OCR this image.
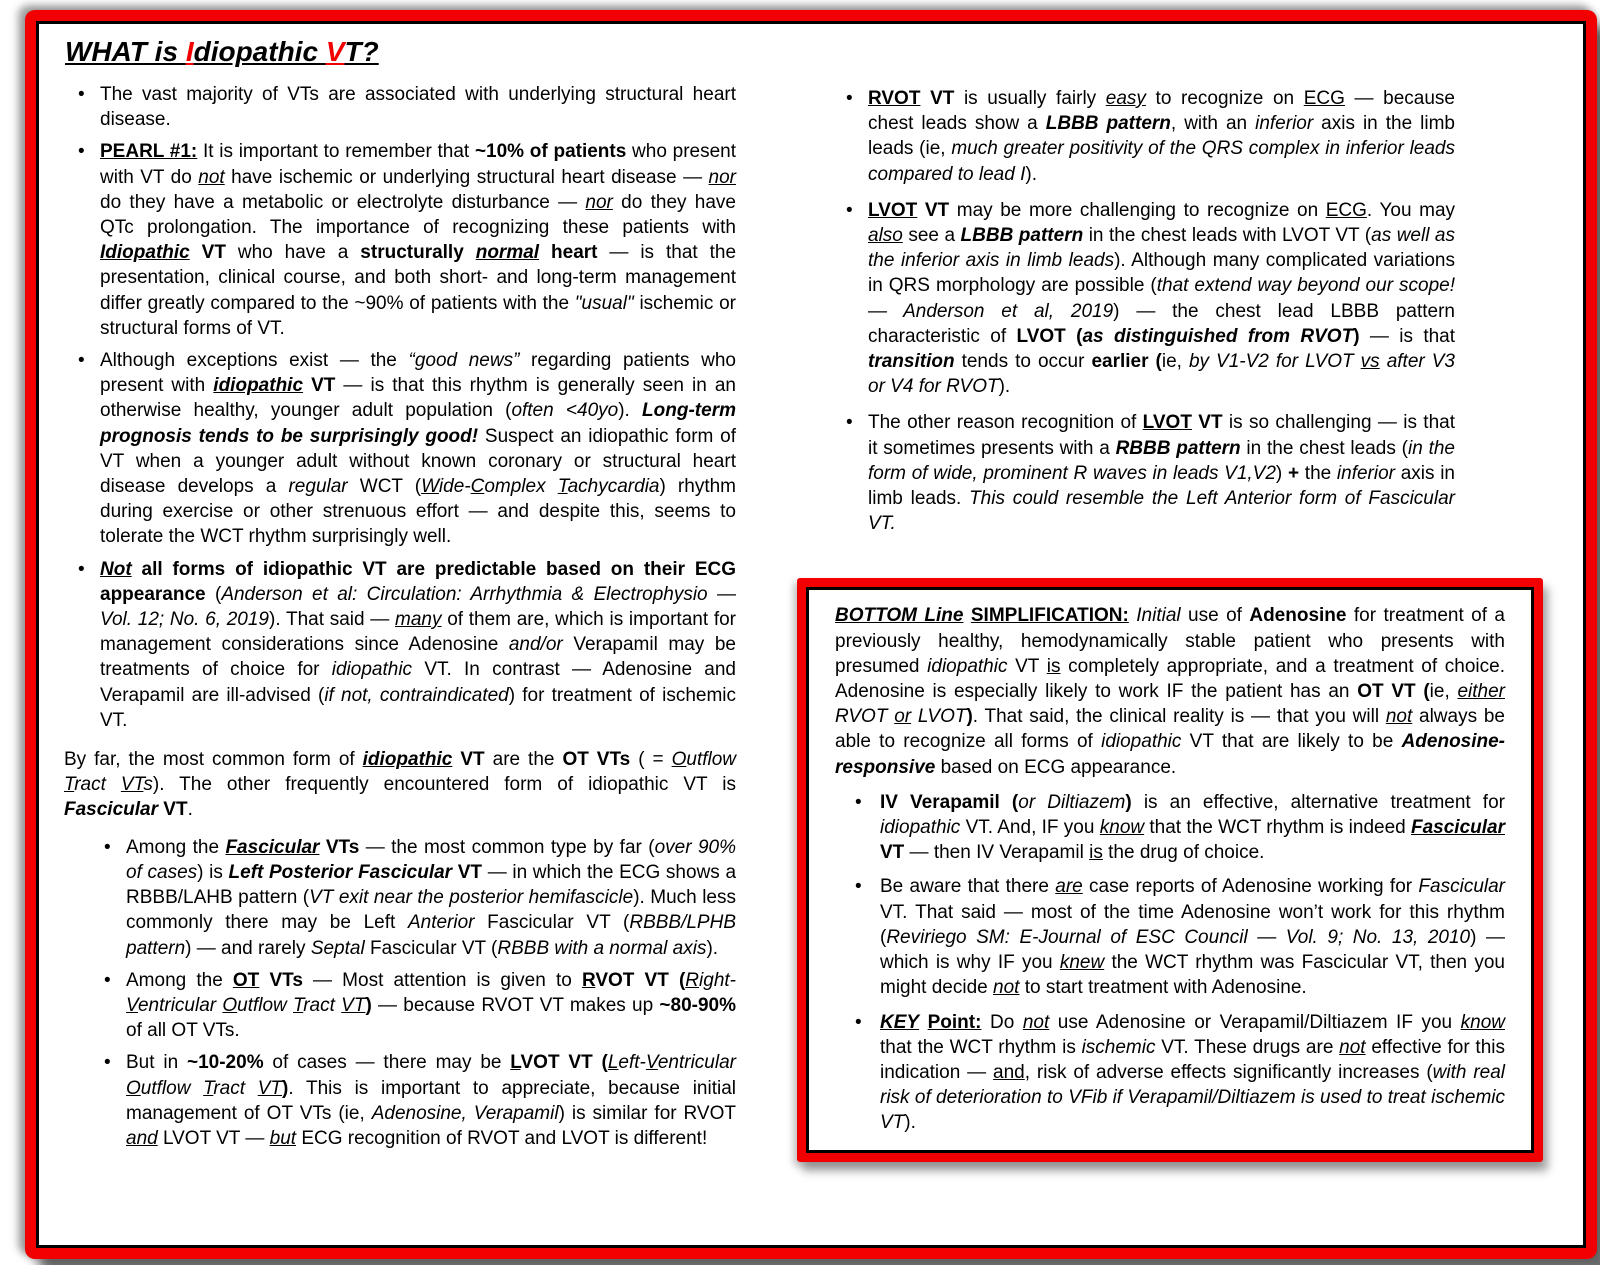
WHAT is Idiopathic VT?
• The vast majority of VTs are associated with underlying structural heart disease.
• PEARL #1: It is important to remember that ~10% of patients who present with VT do not have ischemic or underlying structural heart disease — nor do they have a metabolic or electrolyte disturbance — nor do they have QTc prolongation. The importance of recognizing these patients with Idiopathic VT who have a structurally normal heart — is that the presentation, clinical course, and both short- and long-term management differ greatly compared to the ~90% of patients with the "usual" ischemic or structural forms of VT.
• Although exceptions exist — the “good news” regarding patients who present with idiopathic VT — is that this rhythm is generally seen in an otherwise healthy, younger adult population (often <40yo). Long-term prognosis tends to be surprisingly good! Suspect an idiopathic form of VT when a younger adult without known coronary or structural heart disease develops a regular WCT (Wide-Complex Tachycardia) rhythm during exercise or other strenuous effort — and despite this, seems to tolerate the WCT rhythm surprisingly well.
• Not all forms of idiopathic VT are predictable based on their ECG appearance (Anderson et al: Circulation: Arrhythmia & Electrophysio — Vol. 12; No. 6, 2019). That said — many of them are, which is important for management considerations since Adenosine and/or Verapamil may be treatments of choice for idiopathic VT. In contrast — Adenosine and Verapamil are ill-advised (if not, contraindicated) for treatment of ischemic VT.

By far, the most common form of idiopathic VT are the OT VTs ( = Outflow Tract VTs). The other frequently encountered form of idiopathic VT is Fascicular VT.

• Among the Fascicular VTs — the most common type by far (over 90% of cases) is Left Posterior Fascicular VT — in which the ECG shows a RBBB/LAHB pattern (VT exit near the posterior hemifascicle). Much less commonly there may be Left Anterior Fascicular VT (RBBB/LPHB pattern) — and rarely Septal Fascicular VT (RBBB with a normal axis).
• Among the OT VTs — Most attention is given to RVOT VT (Right-Ventricular Outflow Tract VT) — because RVOT VT makes up ~80-90% of all OT VTs.
• But in ~10-20% of cases — there may be LVOT VT (Left-Ventricular Outflow Tract VT). This is important to appreciate, because initial management of OT VTs (ie, Adenosine, Verapamil) is similar for RVOT and LVOT VT — but ECG recognition of RVOT and LVOT is different!
• RVOT VT is usually fairly easy to recognize on ECG — because chest leads show a LBBB pattern, with an inferior axis in the limb leads (ie, much greater positivity of the QRS complex in inferior leads compared to lead I).
• LVOT VT may be more challenging to recognize on ECG. You may also see a LBBB pattern in the chest leads with LVOT VT (as well as the inferior axis in limb leads). Although many complicated variations in QRS morphology are possible (that extend way beyond our scope! — Anderson et al, 2019) — the chest lead LBBB pattern characteristic of LVOT (as distinguished from RVOT) — is that transition tends to occur earlier (ie, by V1-V2 for LVOT vs after V3 or V4 for RVOT).
• The other reason recognition of LVOT VT is so challenging — is that it sometimes presents with a RBBB pattern in the chest leads (in the form of wide, prominent R waves in leads V1,V2) + the inferior axis in limb leads. This could resemble the Left Anterior form of Fascicular VT.

BOTTOM Line SIMPLIFICATION: Initial use of Adenosine for treatment of a previously healthy, hemodynamically stable patient who presents with presumed idiopathic VT is completely appropriate, and a treatment of choice. Adenosine is especially likely to work IF the patient has an OT VT (ie, either RVOT or LVOT). That said, the clinical reality is — that you will not always be able to recognize all forms of idiopathic VT that are likely to be Adenosine-responsive based on ECG appearance.

• IV Verapamil (or Diltiazem) is an effective, alternative treatment for idiopathic VT. And, IF you know that the WCT rhythm is indeed Fascicular VT — then IV Verapamil is the drug of choice.
• Be aware that there are case reports of Adenosine working for Fascicular VT. That said — most of the time Adenosine won’t work for this rhythm (Reviriego SM: E-Journal of ESC Council — Vol. 9; No. 13, 2010) — which is why IF you knew the WCT rhythm was Fascicular VT, then you might decide not to start treatment with Adenosine.
• KEY Point: Do not use Adenosine or Verapamil/Diltiazem IF you know that the WCT rhythm is ischemic VT. These drugs are not effective for this indication — and, risk of adverse effects significantly increases (with real risk of deterioration to VFib if Verapamil/Diltiazem is used to treat ischemic VT).
